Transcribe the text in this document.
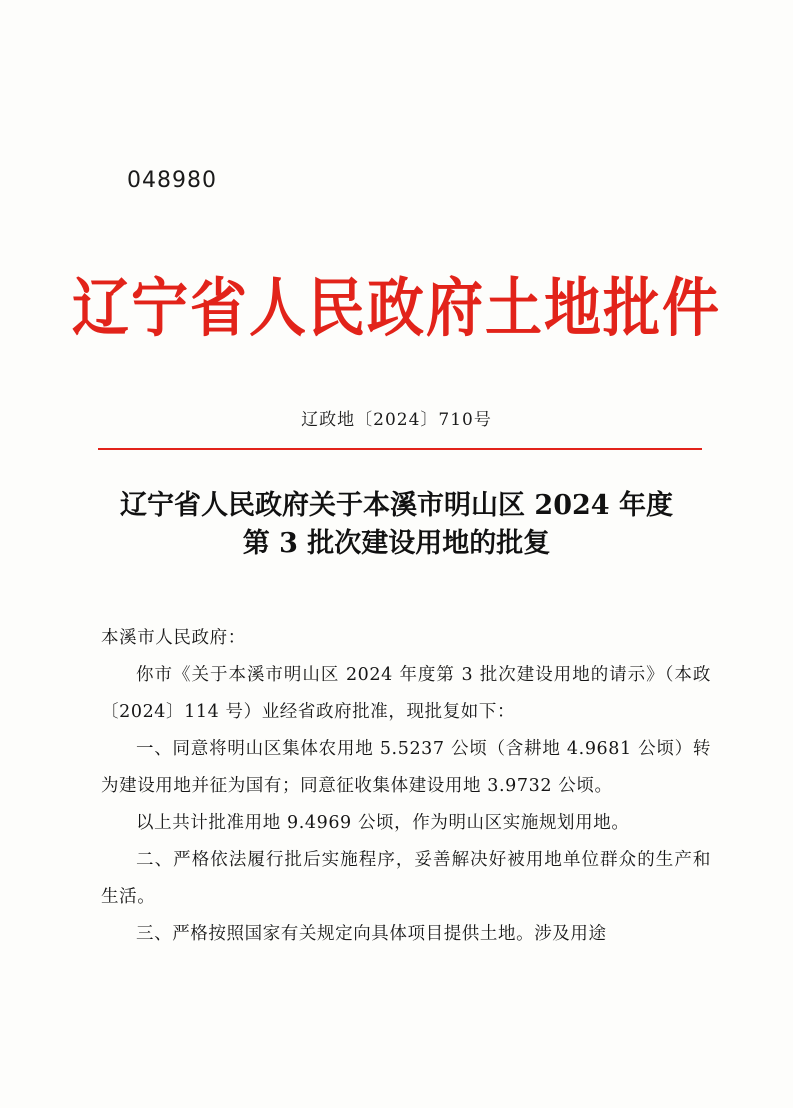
048980
辽宁省人民政府土地批件
辽政地〔2024〕710号
辽宁省人民政府关于本溪市明山区 2024 年度
第 3 批次建设用地的批复

本溪市人民政府：

你市《关于本溪市明山区 2024 年度第 3 批次建设用地的请示》（本政〔2024〕114 号）业经省政府批准，现批复如下：

一、同意将明山区集体农用地 5.5237 公顷（含耕地 4.9681 公顷）转为建设用地并征为国有；同意征收集体建设用地 3.9732 公顷。

以上共计批准用地 9.4969 公顷，作为明山区实施规划用地。

二、严格依法履行批后实施程序，妥善解决好被用地单位群众的生产和生活。

三、严格按照国家有关规定向具体项目提供土地。涉及用途
